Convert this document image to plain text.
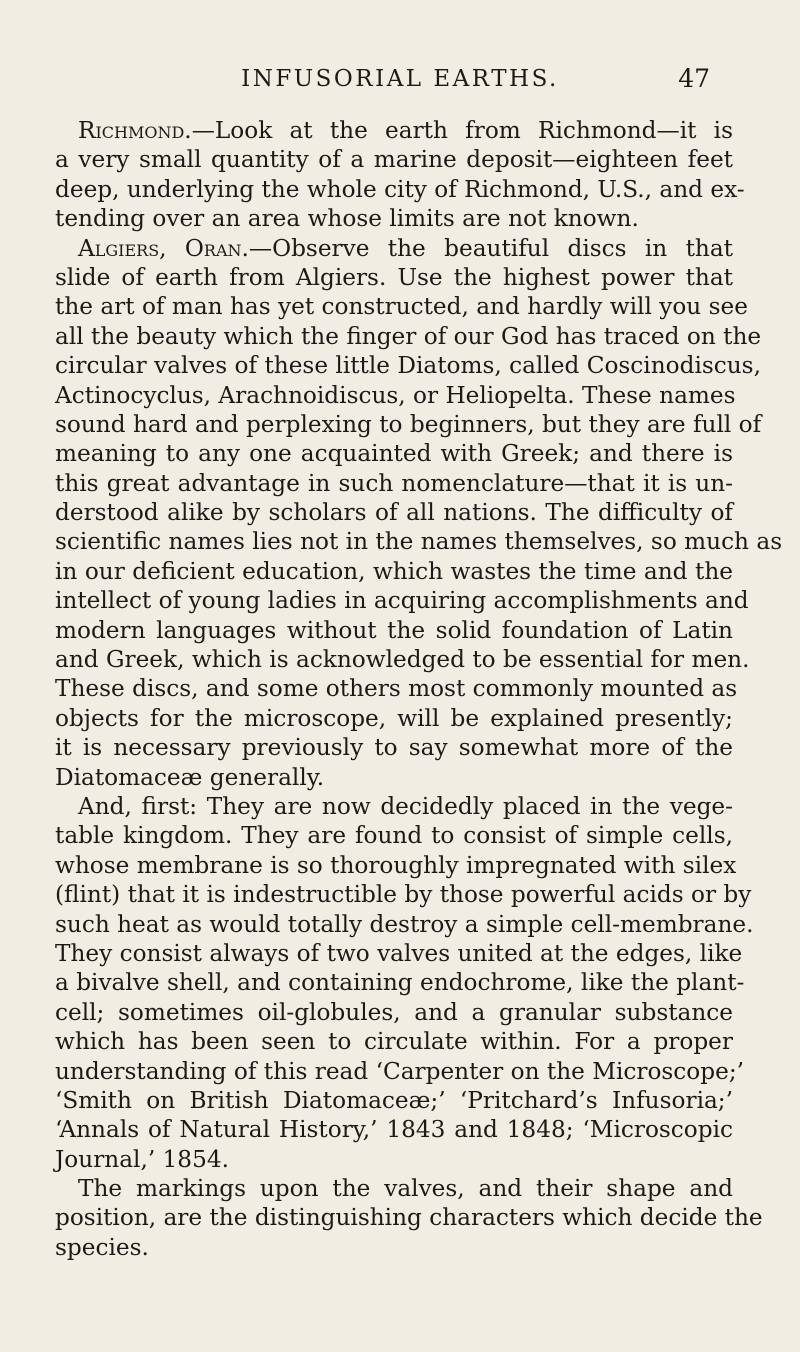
INFUSORIAL EARTHS.	47
Richmond.—Look at the earth from Richmond—it is
a very small quantity of a marine deposit—eighteen feet
deep, underlying the whole city of Richmond, U.S., and ex-
tending over an area whose limits are not known.
Algiers, Oran.—Observe the beautiful discs in that
slide of earth from Algiers. Use the highest power that
the art of man has yet constructed, and hardly will you see
all the beauty which the finger of our God has traced on the
circular valves of these little Diatoms, called Coscinodiscus,
Actinocyclus, Arachnoidiscus, or Heliopelta. These names
sound hard and perplexing to beginners, but they are full of
meaning to any one acquainted with Greek; and there is
this great advantage in such nomenclature—that it is un-
derstood alike by scholars of all nations. The difficulty of
scientific names lies not in the names themselves, so much as
in our deficient education, which wastes the time and the
intellect of young ladies in acquiring accomplishments and
modern languages without the solid foundation of Latin
and Greek, which is acknowledged to be essential for men.
These discs, and some others most commonly mounted as
objects for the microscope, will be explained presently;
it is necessary previously to say somewhat more of the
Diatomaceæ generally.
And, first: They are now decidedly placed in the vege-
table kingdom. They are found to consist of simple cells,
whose membrane is so thoroughly impregnated with silex
(flint) that it is indestructible by those powerful acids or by
such heat as would totally destroy a simple cell-membrane.
They consist always of two valves united at the edges, like
a bivalve shell, and containing endochrome, like the plant-
cell; sometimes oil-globules, and a granular substance
which has been seen to circulate within. For a proper
understanding of this read ‘Carpenter on the Microscope;’
‘Smith on British Diatomaceæ;’ ‘Pritchard’s Infusoria;’
‘Annals of Natural History,’ 1843 and 1848; ‘Microscopic
Journal,’ 1854.
The markings upon the valves, and their shape and
position, are the distinguishing characters which decide the
species.
